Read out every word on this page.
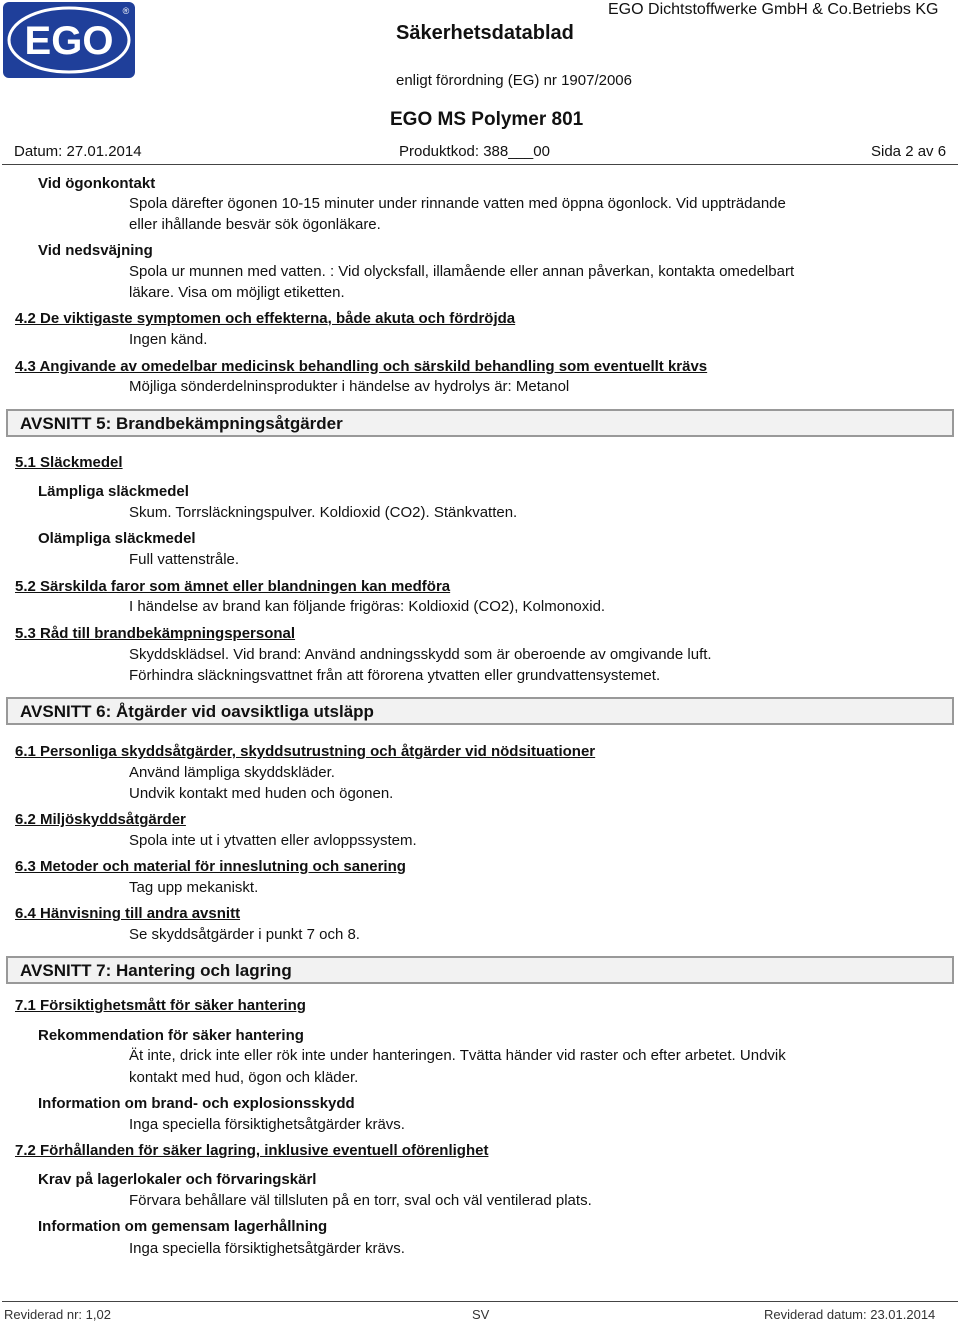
EGO
®
Säkerhetsdatablad
EGO Dichtstoffwerke GmbH & Co.Betriebs KG
enligt förordning (EG) nr 1907/2006
EGO MS Polymer 801
Datum: 27.01.2014	Produktkod: 388___00	Sida 2 av 6
Vid ögonkontakt
Spola därefter ögonen 10-15 minuter under rinnande vatten med öppna ögonlock. Vid uppträdande
eller ihållande besvär sök ögonläkare.
Vid nedsväjning
Spola ur munnen med vatten. : Vid olycksfall, illamående eller annan påverkan, kontakta omedelbart
läkare. Visa om möjligt etiketten.
4.2 De viktigaste symptomen och effekterna, både akuta och fördröjda
Ingen känd.
4.3 Angivande av omedelbar medicinsk behandling och särskild behandling som eventuellt krävs
Möjliga sönderdelninsprodukter i händelse av hydrolys är: Metanol
AVSNITT 5: Brandbekämpningsåtgärder
5.1 Släckmedel
Lämpliga släckmedel
Skum. Torrsläckningspulver. Koldioxid (CO2). Stänkvatten.
Olämpliga släckmedel
Full vattenstråle.
5.2 Särskilda faror som ämnet eller blandningen kan medföra
I händelse av brand kan följande frigöras: Koldioxid (CO2), Kolmonoxid.
5.3 Råd till brandbekämpningspersonal
Skyddsklädsel. Vid brand: Använd andningsskydd som är oberoende av omgivande luft.
Förhindra släckningsvattnet från att förorena ytvatten eller grundvattensystemet.
AVSNITT 6: Åtgärder vid oavsiktliga utsläpp
6.1 Personliga skyddsåtgärder, skyddsutrustning och åtgärder vid nödsituationer
Använd lämpliga skyddskläder.
Undvik kontakt med huden och ögonen.
6.2 Miljöskyddsåtgärder
Spola inte ut i ytvatten eller avloppssystem.
6.3 Metoder och material för inneslutning och sanering
Tag upp mekaniskt.
6.4 Hänvisning till andra avsnitt
Se skyddsåtgärder i punkt 7 och 8.
AVSNITT 7: Hantering och lagring
7.1 Försiktighetsmått för säker hantering
Rekommendation för säker hantering
Ät inte, drick inte eller rök inte under hanteringen. Tvätta händer vid raster och efter arbetet. Undvik
kontakt med hud, ögon och kläder.
Information om brand- och explosionsskydd
Inga speciella försiktighetsåtgärder krävs.
7.2 Förhållanden för säker lagring, inklusive eventuell oförenlighet
Krav på lagerlokaler och förvaringskärl
Förvara behållare väl tillsluten på en torr, sval och väl ventilerad plats.
Information om gemensam lagerhållning
Inga speciella försiktighetsåtgärder krävs.
Reviderad nr: 1,02	SV	Reviderad datum: 23.01.2014
